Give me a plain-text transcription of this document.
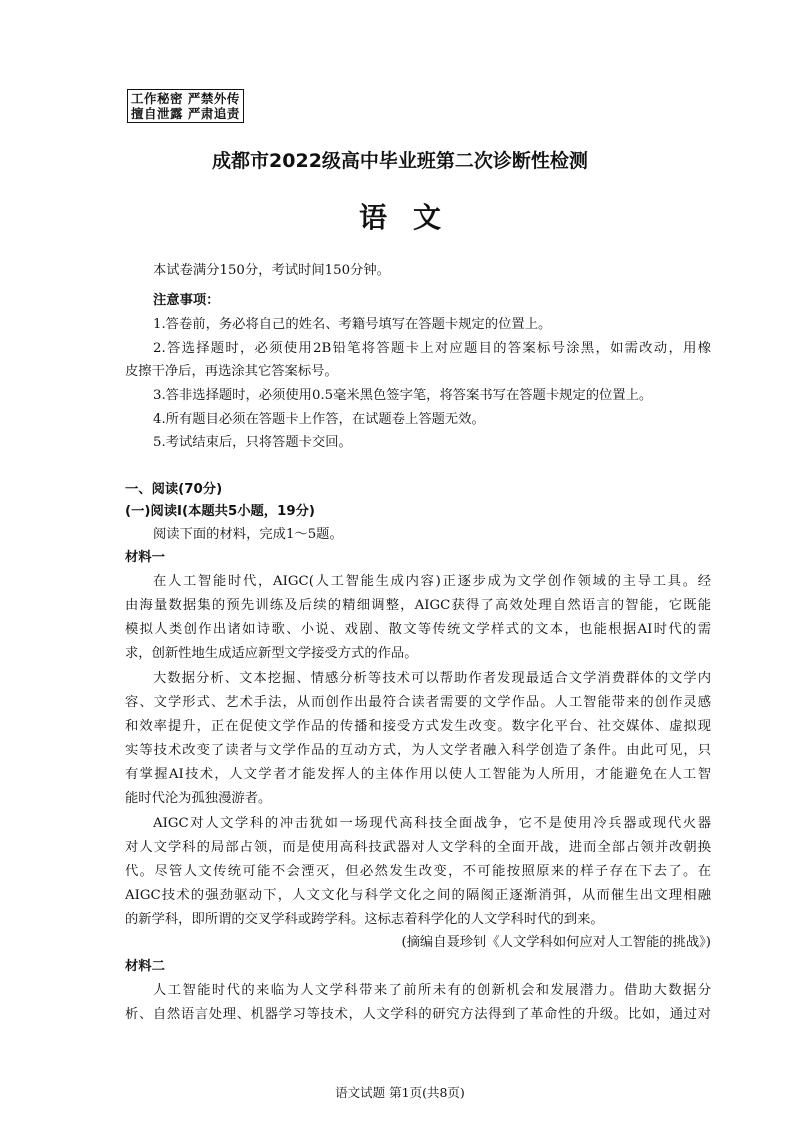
工作秘密 严禁外传
擅自泄露 严肃追责
成都市2022级高中毕业班第二次诊断性检测
语文
本试卷满分150分，考试时间150分钟。
注意事项：
1.答卷前，务必将自己的姓名、考籍号填写在答题卡规定的位置上。
2.答选择题时，必须使用2B铅笔将答题卡上对应题目的答案标号涂黑，如需改动，用橡
皮擦干净后，再选涂其它答案标号。
3.答非选择题时，必须使用0.5毫米黑色签字笔，将答案书写在答题卡规定的位置上。
4.所有题目必须在答题卡上作答，在试题卷上答题无效。
5.考试结束后，只将答题卡交回。
一、阅读(70分)
(一)阅读Ⅰ(本题共5小题，19分)
阅读下面的材料，完成1～5题。
材料一
在人工智能时代，AIGC(人工智能生成内容)正逐步成为文学创作领域的主导工具。经
由海量数据集的预先训练及后续的精细调整，AIGC获得了高效处理自然语言的智能，它既能
模拟人类创作出诸如诗歌、小说、戏剧、散文等传统文学样式的文本，也能根据AI时代的需
求，创新性地生成适应新型文学接受方式的作品。
大数据分析、文本挖掘、情感分析等技术可以帮助作者发现最适合文学消费群体的文学内
容、文学形式、艺术手法，从而创作出最符合读者需要的文学作品。人工智能带来的创作灵感
和效率提升，正在促使文学作品的传播和接受方式发生改变。数字化平台、社交媒体、虚拟现
实等技术改变了读者与文学作品的互动方式，为人文学者融入科学创造了条件。由此可见，只
有掌握AI技术，人文学者才能发挥人的主体作用以使人工智能为人所用，才能避免在人工智
能时代沦为孤独漫游者。
AIGC对人文学科的冲击犹如一场现代高科技全面战争，它不是使用冷兵器或现代火器
对人文学科的局部占领，而是使用高科技武器对人文学科的全面开战，进而全部占领并改朝换
代。尽管人文传统可能不会湮灭，但必然发生改变，不可能按照原来的样子存在下去了。在
AIGC技术的强劲驱动下，人文文化与科学文化之间的隔阂正逐渐消弭，从而催生出文理相融
的新学科，即所谓的交叉学科或跨学科。这标志着科学化的人文学科时代的到来。
(摘编自聂珍钊《人文学科如何应对人工智能的挑战》)
材料二
人工智能时代的来临为人文学科带来了前所未有的创新机会和发展潜力。借助大数据分
析、自然语言处理、机器学习等技术，人文学科的研究方法得到了革命性的升级。比如，通过对
语文试题 第1页(共8页)
